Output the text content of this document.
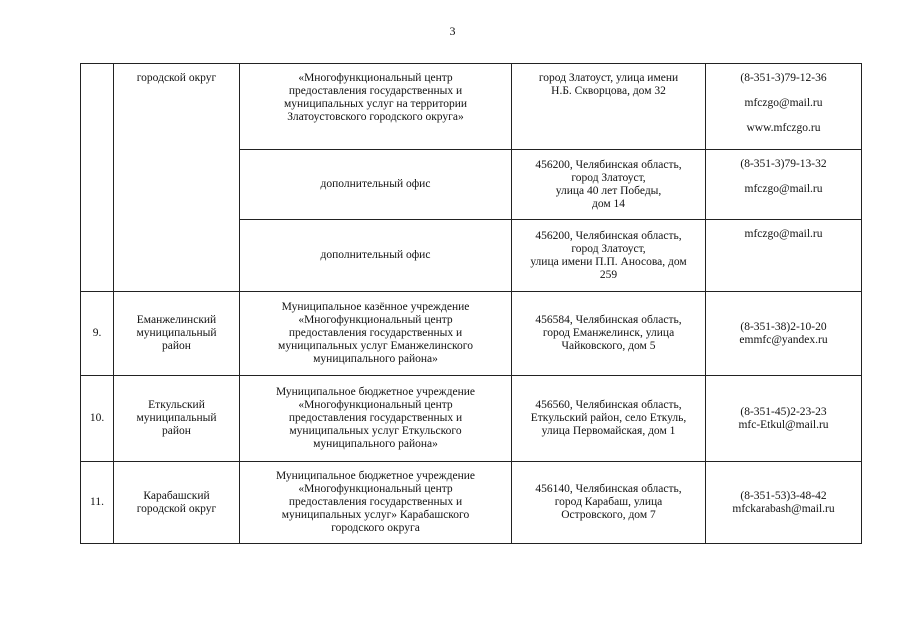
3

	городской округ	«Многофункциональный центр
предоставления государственных и
муниципальных услуг на территории
Златоустовского городского округа»	город Златоуст, улица имени
Н.Б. Скворцова, дом 32	(8-351-3)79-12-36
mfczgo@mail.ru
www.mfczgo.ru

		дополнительный офис	456200, Челябинская область,
город Златоуст,
улица 40 лет Победы,
дом 14	(8-351-3)79-13-32
mfczgo@mail.ru

		дополнительный офис	456200, Челябинская область,
город Златоуст,
улица имени П.П. Аносова, дом
259	mfczgo@mail.ru

9.	Еманжелинский
муниципальный
район	Муниципальное казённое учреждение
«Многофункциональный центр
предоставления государственных и
муниципальных услуг Еманжелинского
муниципального района»	456584, Челябинская область,
город Еманжелинск, улица
Чайковского, дом 5	(8-351-38)2-10-20
emmfc@yandex.ru

10.	Еткульский
муниципальный
район	Муниципальное бюджетное учреждение
«Многофункциональный центр
предоставления государственных и
муниципальных услуг Еткульского
муниципального района»	456560, Челябинская область,
Еткульский район, село Еткуль,
улица Первомайская, дом 1	(8-351-45)2-23-23
mfc-Etkul@mail.ru

11.	Карабашский
городской округ	Муниципальное бюджетное учреждение
«Многофункциональный центр
предоставления государственных и
муниципальных услуг» Карабашского
городского округа	456140, Челябинская область,
город Карабаш, улица
Островского, дом 7	(8-351-53)3-48-42
mfckarabash@mail.ru
